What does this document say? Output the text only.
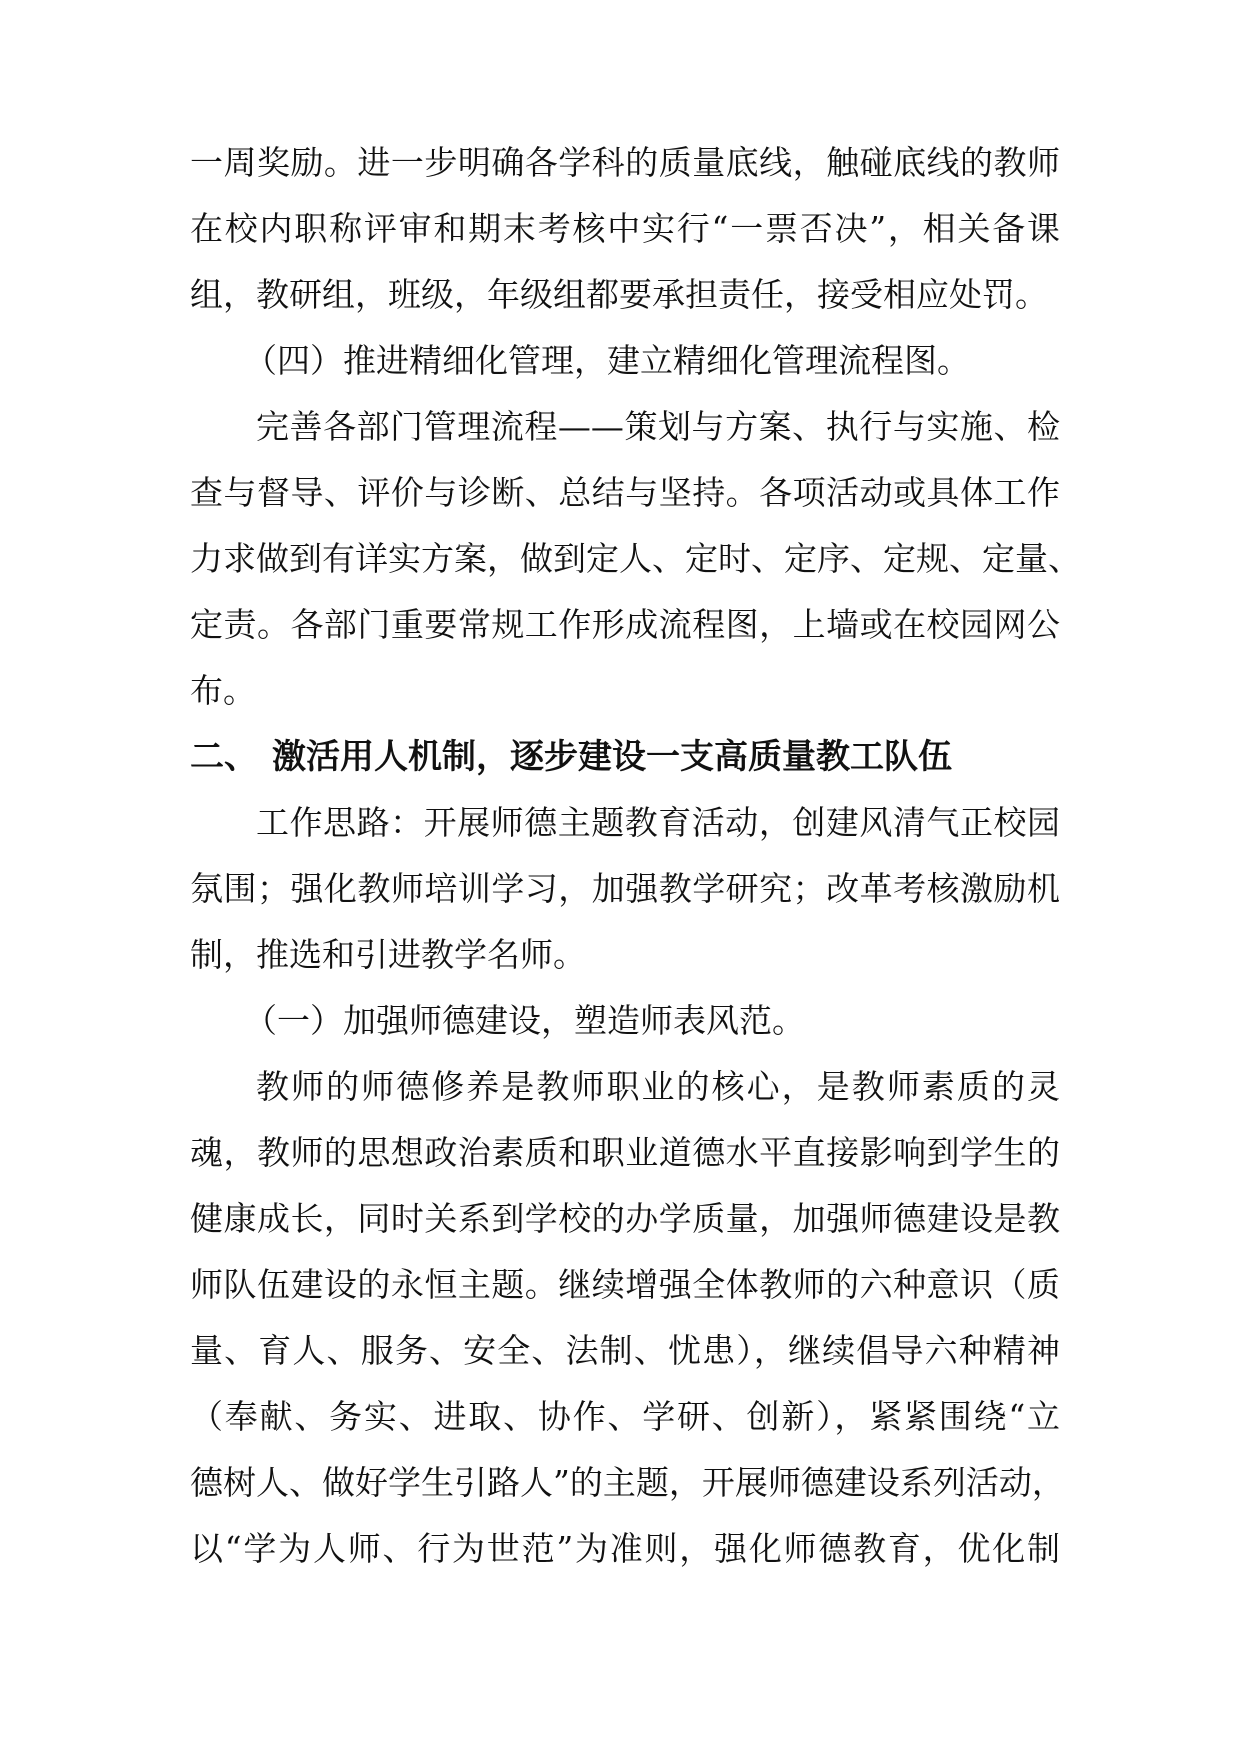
一周奖励。进一步明确各学科的质量底线，触碰底线的教师
在校内职称评审和期末考核中实行“一票否决”，相关备课
组，教研组，班级，年级组都要承担责任，接受相应处罚。
（四）推进精细化管理，建立精细化管理流程图。
完善各部门管理流程——策划与方案、执行与实施、检
查与督导、评价与诊断、总结与坚持。各项活动或具体工作
力求做到有详实方案，做到定人、定时、定序、定规、定量、
定责。各部门重要常规工作形成流程图，上墙或在校园网公
布。
二、 激活用人机制，逐步建设一支高质量教工队伍
工作思路：开展师德主题教育活动，创建风清气正校园
氛围；强化教师培训学习，加强教学研究；改革考核激励机
制，推选和引进教学名师。
（一）加强师德建设，塑造师表风范。
教师的师德修养是教师职业的核心，是教师素质的灵
魂，教师的思想政治素质和职业道德水平直接影响到学生的
健康成长，同时关系到学校的办学质量，加强师德建设是教
师队伍建设的永恒主题。继续增强全体教师的六种意识（质
量、育人、服务、安全、法制、忧患），继续倡导六种精神
（奉献、务实、进取、协作、学研、创新），紧紧围绕“立
德树人、做好学生引路人”的主题，开展师德建设系列活动，
以“学为人师、行为世范”为准则，强化师德教育，优化制
